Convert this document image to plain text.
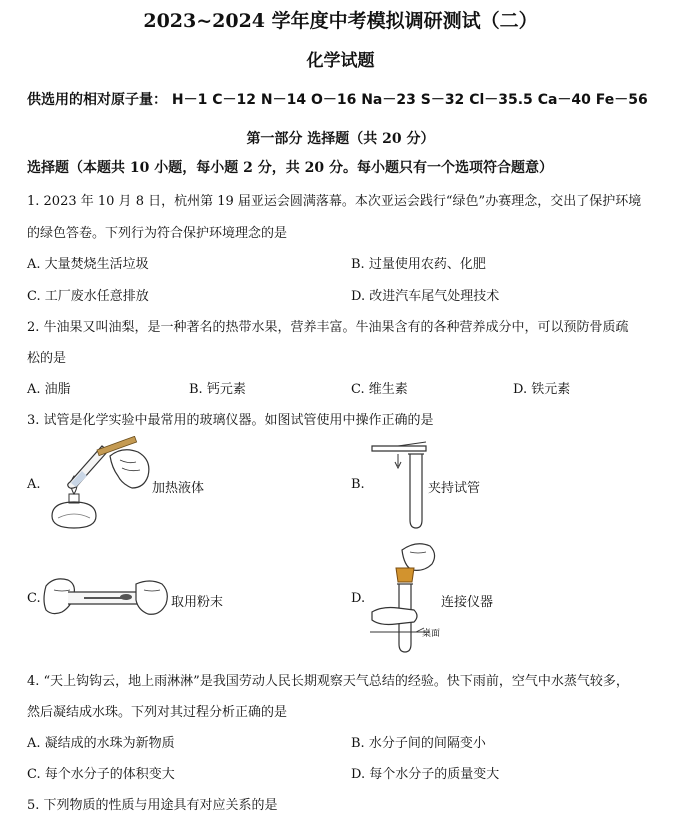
2023~2024 学年度中考模拟调研测试（二）
化学试题
供选用的相对原子量： H－1 C－12 N－14 O－16 Na－23 S－32 Cl－35.5 Ca－40 Fe－56
第一部分 选择题（共 20 分）
选择题（本题共 10 小题，每小题 2 分，共 20 分。每小题只有一个选项符合题意）
1. 2023 年 10 月 8 日，杭州第 19 届亚运会圆满落幕。本次亚运会践行“绿色”办赛理念，交出了保护环境
的绿色答卷。下列行为符合保护环境理念的是
A. 大量焚烧生活垃圾	B. 过量使用农药、化肥
C. 工厂废水任意排放	D. 改进汽车尾气处理技术
2. 牛油果又叫油梨，是一种著名的热带水果，营养丰富。牛油果含有的各种营养成分中，可以预防骨质疏
松的是
A. 油脂	B. 钙元素	C. 维生素	D. 铁元素
3. 试管是化学实验中最常用的玻璃仪器。如图试管使用中操作正确的是
A.	加热液体	B.	夹持试管
C.	取用粉末	D.
桌面
连接仪器
4. “天上钩钩云，地上雨淋淋”是我国劳动人民长期观察天气总结的经验。快下雨前，空气中水蒸气较多，
然后凝结成水珠。下列对其过程分析正确的是
A. 凝结成的水珠为新物质	B. 水分子间的间隔变小
C. 每个水分子的体积变大	D. 每个水分子的质量变大
5. 下列物质的性质与用途具有对应关系的是
